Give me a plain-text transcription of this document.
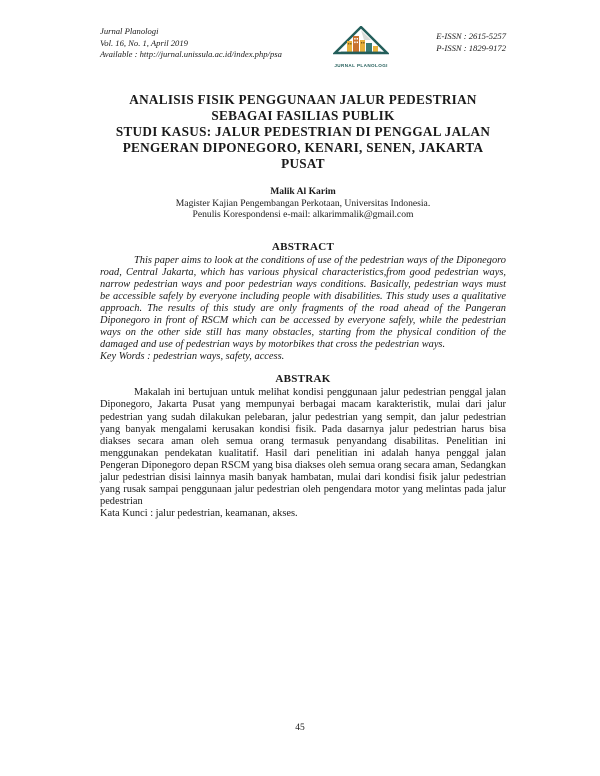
Jurnal Planologi
Vol. 16, No. 1, April 2019
Available : http://jurnal.unissula.ac.id/index.php/psa
JURNAL PLANOLOGI
E-ISSN : 2615-5257
P-ISSN : 1829-9172
ANALISIS FISIK PENGGUNAAN JALUR PEDESTRIAN
SEBAGAI FASILIAS PUBLIK
STUDI KASUS: JALUR PEDESTRIAN DI PENGGAL JALAN
PENGERAN DIPONEGORO, KENARI, SENEN, JAKARTA PUSAT
Malik Al Karim
Magister Kajian Pengembangan Perkotaan, Universitas Indonesia.
Penulis Korespondensi e-mail: alkarimmalik@gmail.com
ABSTRACT
This paper aims to look at the conditions of use of the pedestrian ways of the Diponegoro road, Central Jakarta, which has various physical characteristics,from good pedestrian ways, narrow pedestrian ways and poor pedestrian ways conditions. Basically, pedestrian ways must be accessible safely by everyone including people with disabilities. This study uses a qualitative approach. The results of this study are only fragments of the road ahead of the Pangeran Diponegoro in front of RSCM which can be accessed by everyone safely, while the pedestrian ways on the other side still has many obstacles, starting from the physical condition of the damaged and use of pedestrian ways by motorbikes that cross the pedestrian ways.
Key Words : pedestrian ways, safety, access.
ABSTRAK
Makalah ini bertujuan untuk melihat kondisi penggunaan jalur pedestrian penggal jalan Diponegoro, Jakarta Pusat yang mempunyai berbagai macam karakteristik, mulai dari jalur pedestrian yang sudah dilakukan pelebaran, jalur pedestrian yang sempit, dan jalur pedestrian yang banyak mengalami kerusakan kondisi fisik. Pada dasarnya jalur pedestrian harus bisa diakses secara aman oleh semua orang termasuk penyandang disabilitas. Penelitian ini menggunakan pendekatan kualitatif. Hasil dari penelitian ini adalah hanya penggal jalan Pengeran Diponegoro depan RSCM yang bisa diakses oleh semua orang secara aman, Sedangkan jalur pedestrian disisi lainnya masih banyak hambatan, mulai dari kondisi fisik jalur pedestrian yang rusak sampai penggunaan jalur pedestrian oleh pengendara motor yang melintas pada jalur pedestrian
Kata Kunci : jalur pedestrian, keamanan, akses.
45
